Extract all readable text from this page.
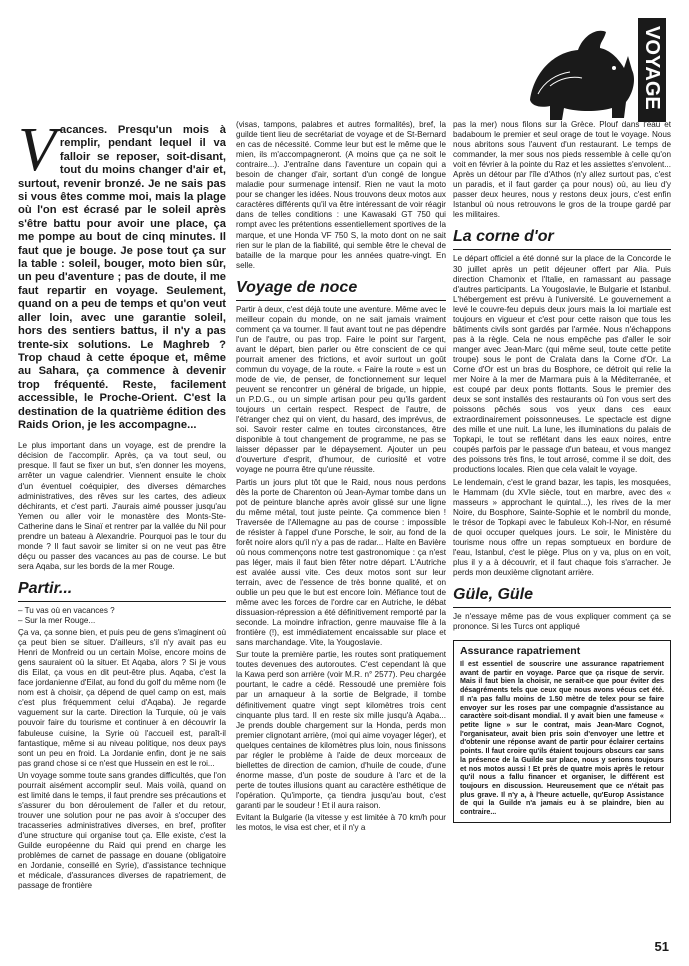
VOYAGE
V acances. Presqu'un mois à remplir, pendant lequel il va falloir se reposer, soit-disant, tout du moins changer d'air et, surtout, revenir bronzé. Je ne sais pas si vous êtes comme moi, mais la plage où l'on est écrasé par le soleil après s'être battu pour avoir une place, ça me pompe au bout de cinq minutes. Il faut que je bouge. Je pose tout ça sur la table : soleil, bouger, moto bien sûr, un peu d'aventure ; pas de doute, il me faut repartir en voyage. Seulement, quand on a peu de temps et qu'on veut aller loin, avec une garantie soleil, hors des sentiers battus, il n'y a pas trente-six solutions. Le Maghreb ? Trop chaud à cette époque et, même au Sahara, ça commence à devenir trop fréquenté. Reste, facilement accessible, le Proche-Orient. C'est la destination de la quatrième édition des Raids Orion, je les accompagne...

Le plus important dans un voyage, est de prendre la décision de l'accomplir. Après, ça va tout seul, ou presque. Il faut se fixer un but, s'en donner les moyens, arrêter un vague calendrier. Viennent ensuite le choix d'un éventuel coéquipier, des diverses démarches administratives, des rêves sur les cartes, des adieux déchirants, et c'est parti. J'aurais aimé pousser jusqu'au Yemen ou aller voir le monastère des Monts-Ste-Catherine dans le Sinaï et rentrer par la vallée du Nil pour prendre un bateau à Alexandrie. Pourquoi pas le tour du monde ? Il faut savoir se limiter si on ne veut pas être déçu ou passer des vacances au pas de course. Le but sera Aqaba, sur les bords de la mer Rouge.

Partir...
– Tu vas où en vacances ?
– Sur la mer Rouge...

Ça va, ça sonne bien, et puis peu de gens s'imaginent où ça peut bien se situer. D'ailleurs, s'il n'y avait pas eu Henri de Monfreid ou un certain Moïse, encore moins de gens sauraient où la situer. Et Aqaba, alors ? Si je vous dis Eilat, ça vous en dit peut-être plus. Aqaba, c'est la face jordanienne d'Eilat, au fond du golf du même nom (le nom est à choisir, ça dépend de quel camp on est, mais c'est plus fréquemment celui d'Aqaba). Je regarde vaguement sur la carte. Direction la Turquie, où je vais pouvoir faire du tourisme et continuer à en découvrir la fabuleuse cuisine, la Syrie où l'accueil est, paraît-il fantastique, même si au niveau politique, nos deux pays sont un peu en froid. La Jordanie enfin, dont je ne sais pas grand chose si ce n'est que Hussein en est le roi...

Un voyage somme toute sans grandes difficultés, que l'on pourrait aisément accomplir seul. Mais voilà, quand on est limité dans le temps, il faut prendre ses précautions et s'assurer du bon déroulement de l'aller et du retour, trouver une solution pour ne pas avoir à s'occuper des tracasseries administratives diverses, en bref, profiter d'une structure qui organise tout ça. Elle existe, c'est la Guilde européenne du Raid qui prend en charge les problèmes de carnet de passage en douane (obligatoire en Jordanie, conseillé en Syrie), d'assistance technique et médicale, d'assurances diverses de rapatriement, de passage de frontière

(visas, tampons, palabres et autres formalités), bref, la guilde tient lieu de secrétariat de voyage et de St-Bernard en cas de nécessité. Comme leur but est le même que le mien, ils m'accompagneront. (A moins que ça ne soit le contraire...). J'entraîne dans l'aventure un copain qui a besoin de changer d'air, sortant d'un congé de longue maladie pour surmenage intensif. Rien ne vaut la moto pour se changer les idées. Nous trouvons deux motos aux caractères différents qu'il va être intéressant de voir réagir dans de telles conditions : une Kawasaki GT 750 qui rompt avec les prétentions essentiellement sportives de la marque, et une Honda VF 750 S, la moto dont on ne sait rien sur le plan de la fiabilité, qui semble être le cheval de bataille de la marque pour les années quatre-vingt. En selle.

Voyage de noce

Partir à deux, c'est déjà toute une aventure. Même avec le meilleur copain du monde, on ne sait jamais vraiment comment ça va tourner. Il faut avant tout ne pas dépendre l'un de l'autre, ou pas trop. Faire le point sur l'argent, avant le départ, bien parler ou être conscient de ce qui pourrait amener des frictions, et avoir surtout un goût commun du voyage, de la route. « Faire la route » est un mode de vie, de penser, de fonctionnement sur lequel peuvent se rencontrer un général de brigade, un hippie, un P.D.G., ou un simple artisan pour peu qu'ils gardent toujours un certain respect. Respect de l'autre, de l'étranger chez qui on vient, du hasard, des imprévus, de soi. Savoir rester calme en toutes circonstances, être disponible à tout changement de programme, ne pas se laisser dépasser par le dépaysement. Ajouter un peu d'ouverture d'esprit, d'humour, de curiosité et votre voyage ne pourra être qu'une réussite.

Partis un jours plut tôt que le Raid, nous nous perdons dès la porte de Charenton où Jean-Aymar tombe dans un pot de peinture blanche après avoir glissé sur une ligne du même métal, tout juste peinte. Ça commence bien ! Traversée de l'Allemagne au pas de course : impossible de résister à l'appel d'une Porsche, le soir, au fond de la forêt noire alors qu'il n'y a pas de radar... Halte en Bavière où nous commençons notre test gastronomique : ça n'est pas léger, mais il faut bien fêter notre départ. L'Autriche est avalée aussi vite. Ces deux motos sont sur leur terrain, avec de l'essence de très bonne qualité, et on oublie un peu que le but est encore loin. Méfiance tout de même avec les forces de l'ordre car en Autriche, le débat dissuasion-répression a été définitivement remporté par la seconde. La moindre infraction, genre mauvaise file à la frontière (!), est immédiatement encaissable sur place et sans marchandage. Vite, la Yougoslavie.

Sur toute la première partie, les routes sont pratiquement toutes devenues des autoroutes. C'est cependant là que la Kawa perd son arrière (voir M.R. n° 2577). Peu chargée pourtant, le cadre a cédé. Ressoudé une première fois par un arnaqueur à la sortie de Belgrade, il tombe définitivement quatre vingt sept kilomètres trois cent cinquante plus tard. Il en reste six mille jusqu'à Aqaba... Je prends double chargement sur la Honda, perds mon premier clignotant arrière, (moi qui aime voyager léger), et quelques centaines de kilomètres plus loin, nous finissons par régler le problème à l'aide de deux morceaux de biellettes de direction de camion, d'huile de coude, d'une énorme masse, d'un poste de soudure à l'arc et de la perte de toutes illusions quant au caractère esthétique de l'opération. Qu'importe, ça tiendra jusqu'au bout, c'est garanti par le soudeur ! Et il aura raison.

Evitant la Bulgarie (la vitesse y est limitée à 70 km/h pour les motos, le visa est cher, et il n'y a

pas la mer) nous filons sur la Grèce. Plouf dans l'eau et badaboum le premier et seul orage de tout le voyage. Nous nous abritons sous l'auvent d'un restaurant. Le temps de commander, la mer sous nos pieds ressemble à celle qu'on voit en février à la pointe du Raz et les assiettes s'envolent... Après un détour par l'île d'Athos (n'y allez surtout pas, c'est un paradis, et il faut garder ça pour nous) où, au lieu d'y passer deux heures, nous y restons deux jours, c'est enfin Istanbul où nous retrouvons le gros de la troupe gardé par les militaires.

La corne d'or

Le départ officiel a été donné sur la place de la Concorde le 30 juillet après un petit déjeuner offert par Alia. Puis direction Chamonix et l'Italie, en ramassant au passage d'autres participants. La Yougoslavie, le Bulgarie et Istanbul. L'hébergement est prévu à l'université. Le gouvernement a levé le couvre-feu depuis deux jours mais la loi martiale est toujours en vigueur et c'est pour cette raison que tous les bâtiments civils sont gardés par l'armée. Nous n'échappons pas à la règle. Cela ne nous empêche pas d'aller le soir manger avec Jean-Marc (qui même seul, toute cette petite troupe) sous le pont de Cralata dans la Corne d'Or. La Corne d'Or est un bras du Bosphore, ce détroit qui relie la mer Noire à la mer de Marmara puis à la Méditerranée, et est coupé par deux ponts flottants. Sous le premier des deux se sont installés des restaurants où l'on vous sert des poissons pêchés sous vos yeux dans ces eaux extraordinairement poissonneuses. Le spectacle est digne des mille et une nuit. La lune, les illuminations du palais de Topkapi, le tout se reflétant dans les eaux noires, entre coupés parfois par le passage d'un bateau, et vous mangez des poissons très fins, le tout arrosé, comme il se doit, des productions locales. Rien que cela valait le voyage.

Le lendemain, c'est le grand bazar, les tapis, les mosquées, le Hammam (du XVIe siècle, tout en marbre, avec des « masseurs » approchant le quintal...), les rives de la mer Noire, du Bosphore, Sainte-Sophie et le nombril du monde, le trésor de Topkapi avec le fabuleux Koh-I-Nor, en résumé de quoi occuper quelques jours. Le soir, le Ministère du tourisme nous offre un repas somptueux en bordure de l'eau, Istanbul, c'est le piège. Plus on y va, plus on en voit, plus il y a à découvrir, et il faut chaque fois s'arracher. Je perds mon deuxième clignotant arrière.

Güle, Güle

Je n'essaye même pas de vous expliquer comment ça se prononce. Si les Turcs ont appliqué

Assurance rapatriement

Il est essentiel de souscrire une assurance rapatriement avant de partir en voyage. Parce que ça risque de servir. Mais il faut bien la choisir, ne serait-ce que pour éviter des désagréments tels que ceux que nous avons vécus cet été. Il n'a pas fallu moins de 1.50 mètre de telex pour se faire envoyer sur les roses par une compagnie d'assistance au caractère soit-disant mondial. Il y avait bien une fameuse « petite ligne » sur le contrat, mais Jean-Marc Cognot, l'organisateur, avait bien pris soin d'envoyer une lettre et d'obtenir une réponse avant de partir pour éclairer certains points. Il faut croire qu'ils étaient toujours obscurs car sans la présence de la Guilde sur place, nous y serions toujours et nos motos aussi ! Et près de quatre mois après le retour qu'il nous a fallu financer et organiser, le différent est toujours en discussion. Heureusement que ce n'était pas plus grave. Il n'y a, à l'heure actuelle, qu'Europ Assistance de qui la Guilde n'a jamais eu à se plaindre, bien au contraire...

51
